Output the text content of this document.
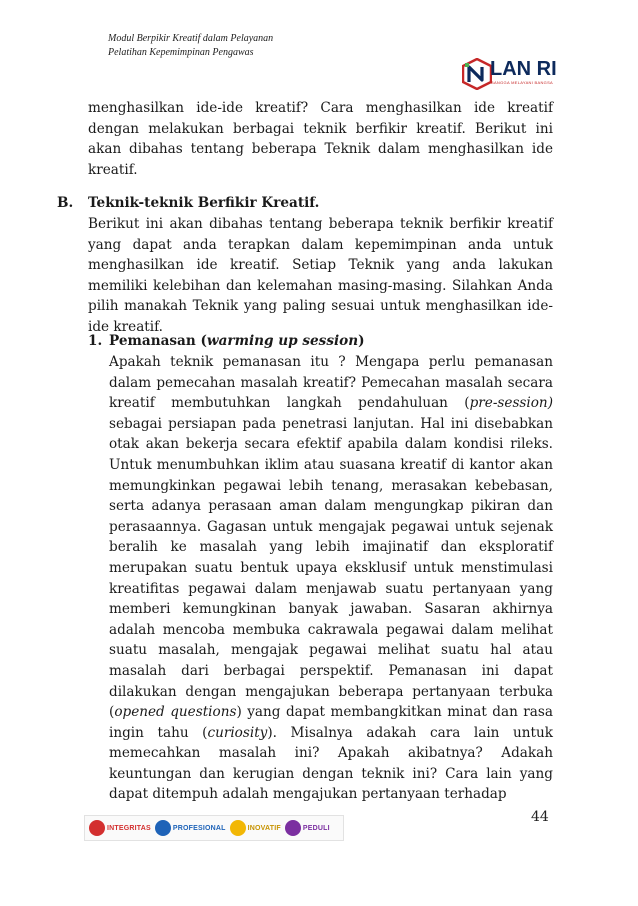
Modul Berpikir Kreatif dalam Pelayanan
Pelatihan Kepemimpinan Pengawas
LAN RI
BANGGA MELAYANI BANGSA
menghasilkan ide-ide kreatif? Cara menghasilkan ide kreatif dengan melakukan berbagai teknik berfikir kreatif. Berikut ini akan dibahas tentang beberapa Teknik dalam menghasilkan ide kreatif.
B. Teknik-teknik Berfikir Kreatif.
Berikut ini akan dibahas tentang beberapa teknik berfikir kreatif yang dapat anda terapkan dalam kepemimpinan anda untuk menghasilkan ide kreatif. Setiap Teknik yang anda lakukan memiliki kelebihan dan kelemahan masing-masing. Silahkan Anda pilih manakah Teknik yang paling sesuai untuk menghasilkan ide-ide kreatif.
1. Pemanasan (warming up session)
Apakah teknik pemanasan itu ? Mengapa perlu pemanasan dalam pemecahan masalah kreatif? Pemecahan masalah secara kreatif membutuhkan langkah pendahuluan (pre-session) sebagai persiapan pada penetrasi lanjutan. Hal ini disebabkan otak akan bekerja secara efektif apabila dalam kondisi rileks. Untuk menumbuhkan iklim atau suasana kreatif di kantor akan memungkinkan pegawai lebih tenang, merasakan kebebasan, serta adanya perasaan aman dalam mengungkap pikiran dan perasaannya. Gagasan untuk mengajak pegawai untuk sejenak beralih ke masalah yang lebih imajinatif dan eksploratif merupakan suatu bentuk upaya eksklusif untuk menstimulasi kreatifitas pegawai dalam menjawab suatu pertanyaan yang memberi kemungkinan banyak jawaban. Sasaran akhirnya adalah mencoba membuka cakrawala pegawai dalam melihat suatu masalah, mengajak pegawai melihat suatu hal atau masalah dari berbagai perspektif. Pemanasan ini dapat dilakukan dengan mengajukan beberapa pertanyaan terbuka (opened questions) yang dapat membangkitkan minat dan rasa ingin tahu (curiosity). Misalnya adakah cara lain untuk memecahkan masalah ini? Apakah akibatnya? Adakah keuntungan dan kerugian dengan teknik ini? Cara lain yang dapat ditempuh adalah mengajukan pertanyaan terhadap
44
INTEGRITAS	PROFESIONAL	INOVATIF	PEDULI
